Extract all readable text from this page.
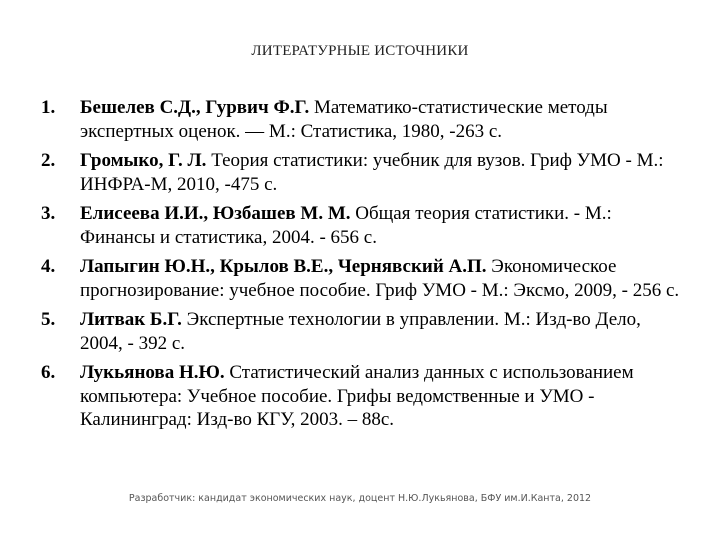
ЛИТЕРАТУРНЫЕ ИСТОЧНИКИ
1.	Бешелев С.Д., Гурвич Ф.Г. Математико-статистические методы экспертных оценок. — М.: Статистика, 1980, -263 с.
2.	Громыко, Г. Л. Теория статистики: учебник для вузов. Гриф УМО - М.: ИНФРА-М, 2010, -475 с.
3.	Елисеева И.И., Юзбашев М. М. Общая теория статистики. - М.: Финансы и статистика, 2004. - 656 с.
4.	Лапыгин Ю.Н., Крылов В.Е., Чернявский А.П. Экономическое прогнозирование: учебное пособие. Гриф УМО - М.: Эксмо, 2009, - 256 с.
5.	Литвак Б.Г. Экспертные технологии в управлении. М.: Изд-во Дело, 2004, - 392 с.
6.	Лукьянова Н.Ю. Статистический анализ данных с использованием компьютера: Учебное пособие. Грифы ведомственные и УМО - Калининград: Изд-во КГУ, 2003. – 88с.
Разработчик: кандидат экономических наук, доцент Н.Ю.Лукьянова, БФУ им.И.Канта, 2012
